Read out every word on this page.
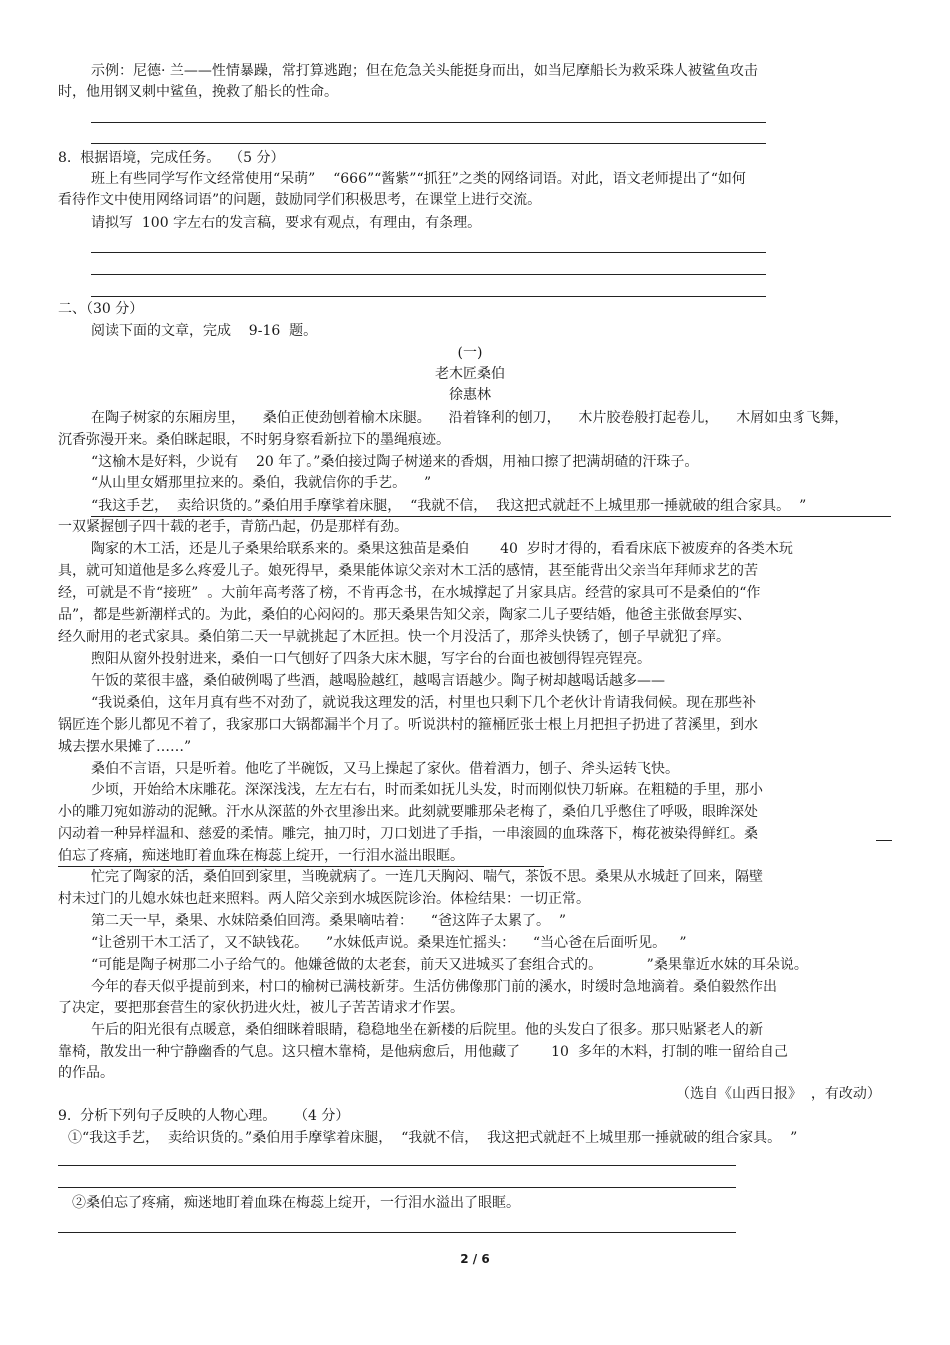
示例：尼德· 兰——性情暴躁，常打算逃跑；但在危急关头能挺身而出，如当尼摩船长为救采珠人被鲨鱼攻击
时，他用钢叉刺中鲨鱼，挽救了船长的性命。
8.  根据语境，完成任务。  （5 分）
班上有些同学写作文经常使用“呆萌”    “666”“酱紫”“抓狂”之类的网络词语。对此，语文老师提出了“如何
看待作文中使用网络词语”的问题，鼓励同学们积极思考，在课堂上进行交流。
请拟写  100 字左右的发言稿，要求有观点，有理由，有条理。
二、（30 分）
阅读下面的文章，完成    9-16  题。
(一)
老木匠桑伯
徐惠林
在陶子树家的东厢房里，    桑伯正使劲刨着榆木床腿。    沿着锋利的刨刀，    木片胶卷般打起卷儿，    木屑如虫豸飞舞，
沉香弥漫开来。桑伯眯起眼，不时躬身察看新拉下的墨绳痕迹。
“这榆木是好料，少说有    20 年了。”桑伯接过陶子树递来的香烟，用袖口擦了把满胡碴的汗珠子。
“从山里女婿那里拉来的。桑伯，我就信你的手艺。    ”
“我这手艺，  卖给识货的。”桑伯用手摩挲着床腿，  “我就不信，  我这把式就赶不上城里那一捶就破的组合家具。  ”
一双紧握刨子四十载的老手，青筋凸起，仍是那样有劲。
陶家的木工活，还是儿子桑果给联系来的。桑果这独苗是桑伯       40  岁时才得的，看看床底下被废弃的各类木玩
具，就可知道他是多么疼爱儿子。娘死得早，桑果能体谅父亲对木工活的感情，甚至能背出父亲当年拜师求艺的苦
经，可就是不肯“接班”  。大前年高考落了榜，不肯再念书，在水城撑起了爿家具店。经营的家具可不是桑伯的“作
品”，都是些新潮样式的。为此，桑伯的心闷闷的。那天桑果告知父亲，陶家二儿子要结婚，他爸主张做套厚实、
经久耐用的老式家具。桑伯第二天一早就挑起了木匠担。快一个月没活了，那斧头快锈了，刨子早就犯了痒。
煦阳从窗外投射进来，桑伯一口气刨好了四条大床木腿，写字台的台面也被刨得锃亮锃亮。
午饭的菜很丰盛，桑伯破例喝了些酒，越喝脸越红，越喝言语越少。陶子树却越喝话越多——
“我说桑伯，这年月真有些不对劲了，就说我这理发的活，村里也只剩下几个老伙计肯请我伺候。现在那些补
锅匠连个影儿都见不着了，我家那口大锅都漏半个月了。听说洪村的箍桶匠张士根上月把担子扔进了苕溪里，到水
城去摆水果摊了……”
桑伯不言语，只是听着。他吃了半碗饭，又马上操起了家伙。借着酒力，刨子、斧头运转飞快。
少顷，开始给木床雕花。深深浅浅，左左右右，时而柔如抚儿头发，时而刚似快刀斩麻。在粗糙的手里，那小
小的雕刀宛如游动的泥鳅。汗水从深蓝的外衣里渗出来。此刻就要雕那朵老梅了，桑伯几乎憋住了呼吸，眼眸深处
闪动着一种异样温和、慈爱的柔情。雕完，抽刀时，刀口划进了手指，一串滚圆的血珠落下，梅花被染得鲜红。桑
伯忘了疼痛，痴迷地盯着血珠在梅蕊上绽开，一行泪水溢出眼眶。
忙完了陶家的活，桑伯回到家里，当晚就病了。一连几天胸闷、喘气，茶饭不思。桑果从水城赶了回来，隔壁
村未过门的儿媳水妹也赶来照料。两人陪父亲到水城医院诊治。体检结果：一切正常。
第二天一早，桑果、水妹陪桑伯回湾。桑果嘀咕着：    “爸这阵子太累了。  ”
“让爸别干木工活了，又不缺钱花。    ”水妹低声说。桑果连忙摇头：    “当心爸在后面听见。   ”
“可能是陶子树那二小子给气的。他嫌爸做的太老套，前天又进城买了套组合式的。          ”桑果靠近水妹的耳朵说。
今年的春天似乎提前到来，村口的榆树已满枝新芽。生活仿佛像那门前的溪水，时缓时急地滴着。桑伯毅然作出
了决定，要把那套营生的家伙扔进火灶，被儿子苦苦请求才作罢。
午后的阳光很有点暖意，桑伯细眯着眼睛，稳稳地坐在新楼的后院里。他的头发白了很多。那只贴紧老人的新
靠椅，散发出一种宁静幽香的气息。这只檀木靠椅，是他病愈后，用他藏了       10  多年的木料，打制的唯一留给自己
的作品。
（选自《山西日报》  ，有改动）
9.  分析下列句子反映的人物心理。    （4 分）
①“我这手艺，  卖给识货的。”桑伯用手摩挲着床腿，  “我就不信，  我这把式就赶不上城里那一捶就破的组合家具。  ”
②桑伯忘了疼痛，痴迷地盯着血珠在梅蕊上绽开，一行泪水溢出了眼眶。
2 / 6
